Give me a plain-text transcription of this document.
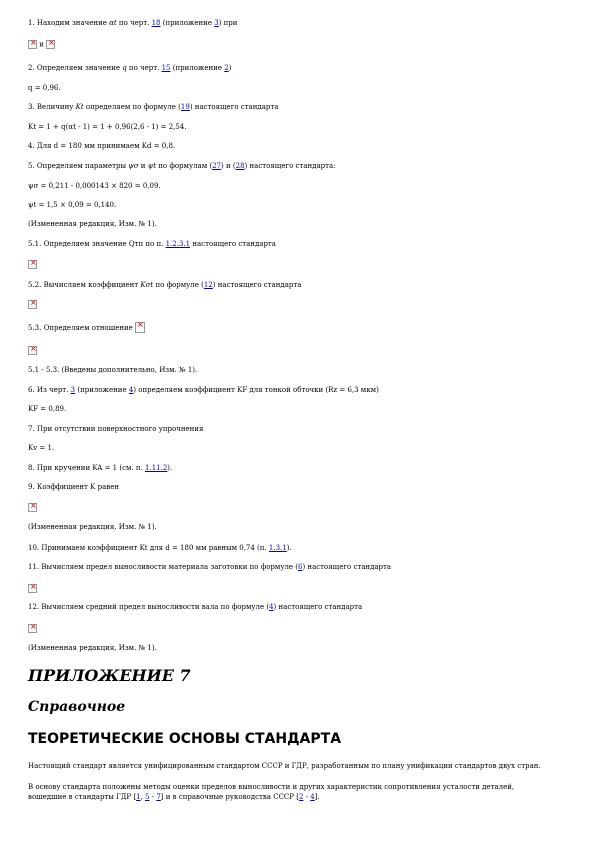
1. Находим значение αt по черт. 18 (приложение 3) при
× и ×
2. Определяем значение q по черт. 15 (приложение 2)
q = 0,96.
3. Величину Kt определяем по формуле (19) настоящего стандарта
Kt = 1 + q(αt - 1) = 1 + 0,96(2,6 - 1) = 2,54.
4. Для d = 180 мм принимаем Kd = 0,8.
5. Определяем параметры ψσ и ψt по формулам (27) и (28) настоящего стандарта:
ψσ = 0,211 - 0,000143 × 820 = 0,09.
ψt = 1,5 × 0,09 = 0,140.
(Измененная редакция, Изм. № 1).
5.1. Определяем значение Qтп по п. 1.2.3.1 настоящего стандарта
×
5.2. Вычисляем коэффициент Kσt по формуле (12) настоящего стандарта
×
5.3. Определяем отношение ×
×
5.1 - 5.3. (Введены дополнительно, Изм. № 1).
6. Из черт. 3 (приложение 4) определяем коэффициент KF для тонкой обточки (Rz = 6,3 мкм)
KF = 0,89.
7. При отсутствии поверхностного упрочнения
Kv = 1.
8. При кручении KA = 1 (см. п. 1.11.2).
9. Коэффициент K равен
×
(Измененная редакция, Изм. № 1).
10. Принимаем коэффициент Kt для d = 180 мм равным 0,74 (п. 1.3.1).
11. Вычисляем предел выносливости материала заготовки по формуле (6) настоящего стандарта
×
12. Вычисляем средний предел выносливости вала по формуле (4) настоящего стандарта
×
(Измененная редакция, Изм. № 1).
ПРИЛОЖЕНИЕ 7
Справочное
ТЕОРЕТИЧЕСКИЕ ОСНОВЫ СТАНДАРТА
Настоящий стандарт является унифицированным стандартом СССР и ГДР, разработанным по плану унификации стандартов двух стран.
В основу стандарта положены методы оценки пределов выносливости и других характеристик сопротивления усталости деталей,
вошедшие в стандарты ГДР [1, 5 - 7] и в справочные руководства СССР [2 - 4].
